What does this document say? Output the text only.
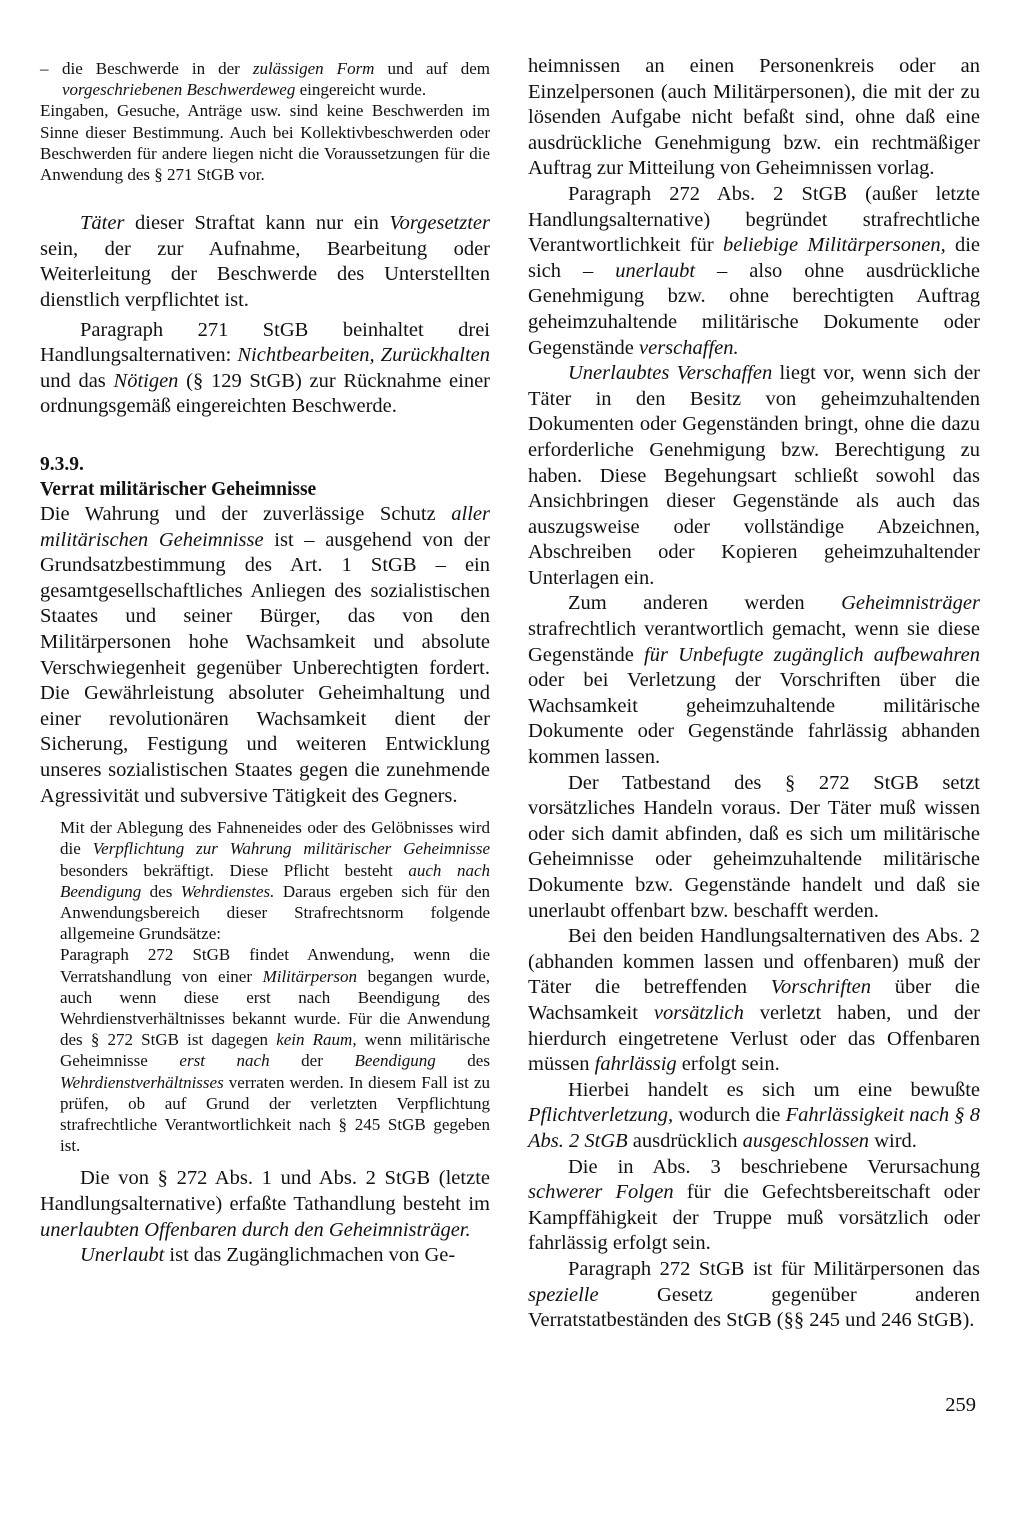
– die Beschwerde in der zulässigen Form und auf dem vorgeschriebenen Beschwerdeweg eingereicht wurde.

Eingaben, Gesuche, Anträge usw. sind keine Beschwerden im Sinne dieser Bestimmung. Auch bei Kollektivbeschwerden oder Beschwerden für andere liegen nicht die Voraussetzungen für die Anwendung des § 271 StGB vor.

Täter dieser Straftat kann nur ein Vorgesetzter sein, der zur Aufnahme, Bearbeitung oder Weiterleitung der Beschwerde des Unterstellten dienstlich verpflichtet ist.

Paragraph 271 StGB beinhaltet drei Handlungsalternativen: Nichtbearbeiten, Zurückhalten und das Nötigen (§ 129 StGB) zur Rücknahme einer ordnungsgemäß eingereichten Beschwerde.

9.3.9.

Verrat militärischer Geheimnisse

Die Wahrung und der zuverlässige Schutz aller militärischen Geheimnisse ist – ausgehend von der Grundsatzbestimmung des Art. 1 StGB – ein gesamtgesellschaftliches Anliegen des sozialistischen Staates und seiner Bürger, das von den Militärpersonen hohe Wachsamkeit und absolute Verschwiegenheit gegenüber Unberechtigten fordert. Die Gewährleistung absoluter Geheimhaltung und einer revolutionären Wachsamkeit dient der Sicherung, Festigung und weiteren Entwicklung unseres sozialistischen Staates gegen die zunehmende Agressivität und subversive Tätigkeit des Gegners.

Mit der Ablegung des Fahneneides oder des Gelöbnisses wird die Verpflichtung zur Wahrung militärischer Geheimnisse besonders bekräftigt. Diese Pflicht besteht auch nach Beendigung des Wehrdienstes. Daraus ergeben sich für den Anwendungsbereich dieser Strafrechtsnorm folgende allgemeine Grundsätze:

Paragraph 272 StGB findet Anwendung, wenn die Verratshandlung von einer Militärperson begangen wurde, auch wenn diese erst nach Beendigung des Wehrdienstverhältnisses bekannt wurde. Für die Anwendung des § 272 StGB ist dagegen kein Raum, wenn militärische Geheimnisse erst nach der Beendigung des Wehrdienstverhältnisses verraten werden. In diesem Fall ist zu prüfen, ob auf Grund der verletzten Verpflichtung strafrechtliche Verantwortlichkeit nach § 245 StGB gegeben ist.

Die von § 272 Abs. 1 und Abs. 2 StGB (letzte Handlungsalternative) erfaßte Tathandlung besteht im unerlaubten Offenbaren durch den Geheimnisträger.

Unerlaubt ist das Zugänglichmachen von Ge-

heimnissen an einen Personenkreis oder an Einzelpersonen (auch Militärpersonen), die mit der zu lösenden Aufgabe nicht befaßt sind, ohne daß eine ausdrückliche Genehmigung bzw. ein rechtmäßiger Auftrag zur Mitteilung von Geheimnissen vorlag.

Paragraph 272 Abs. 2 StGB (außer letzte Handlungsalternative) begründet strafrechtliche Verantwortlichkeit für beliebige Militärpersonen, die sich – unerlaubt – also ohne ausdrückliche Genehmigung bzw. ohne berechtigten Auftrag geheimzuhaltende militärische Dokumente oder Gegenstände verschaffen.

Unerlaubtes Verschaffen liegt vor, wenn sich der Täter in den Besitz von geheimzuhaltenden Dokumenten oder Gegenständen bringt, ohne die dazu erforderliche Genehmigung bzw. Berechtigung zu haben. Diese Begehungsart schließt sowohl das Ansichbringen dieser Gegenstände als auch das auszugsweise oder vollständige Abzeichnen, Abschreiben oder Kopieren geheimzuhaltender Unterlagen ein.

Zum anderen werden Geheimnisträger strafrechtlich verantwortlich gemacht, wenn sie diese Gegenstände für Unbefugte zugänglich aufbewahren oder bei Verletzung der Vorschriften über die Wachsamkeit geheimzuhaltende militärische Dokumente oder Gegenstände fahrlässig abhanden kommen lassen.

Der Tatbestand des § 272 StGB setzt vorsätzliches Handeln voraus. Der Täter muß wissen oder sich damit abfinden, daß es sich um militärische Geheimnisse oder geheimzuhaltende militärische Dokumente bzw. Gegenstände handelt und daß sie unerlaubt offenbart bzw. beschafft werden.

Bei den beiden Handlungsalternativen des Abs. 2 (abhanden kommen lassen und offenbaren) muß der Täter die betreffenden Vorschriften über die Wachsamkeit vorsätzlich verletzt haben, und der hierdurch eingetretene Verlust oder das Offenbaren müssen fahrlässig erfolgt sein.

Hierbei handelt es sich um eine bewußte Pflichtverletzung, wodurch die Fahrlässigkeit nach § 8 Abs. 2 StGB ausdrücklich ausgeschlossen wird.

Die in Abs. 3 beschriebene Verursachung schwerer Folgen für die Gefechtsbereitschaft oder Kampffähigkeit der Truppe muß vorsätzlich oder fahrlässig erfolgt sein.

Paragraph 272 StGB ist für Militärpersonen das spezielle Gesetz gegenüber anderen Verratstatbeständen des StGB (§§ 245 und 246 StGB).

259
